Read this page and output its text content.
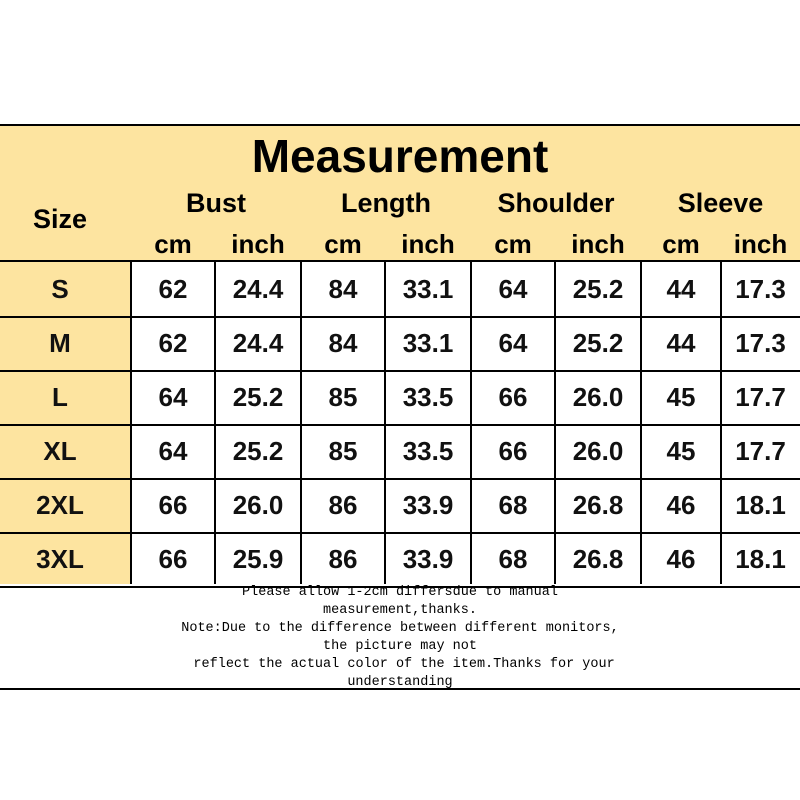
Measurement
Size
Bust	Length	Shoulder	Sleeve
cm	inch	cm	inch	cm	inch	cm	inch
S	62	24.4	84	33.1	64	25.2	44	17.3
M	62	24.4	84	33.1	64	25.2	44	17.3
L	64	25.2	85	33.5	66	26.0	45	17.7
XL	64	25.2	85	33.5	66	26.0	45	17.7
2XL	66	26.0	86	33.9	68	26.8	46	18.1
3XL	66	25.9	86	33.9	68	26.8	46	18.1
Please allow 1-2cm differsdue to manual
measurement,thanks.
Note:Due to the difference between different monitors,
the picture may not
reflect the actual color of the item.Thanks for your
understanding
